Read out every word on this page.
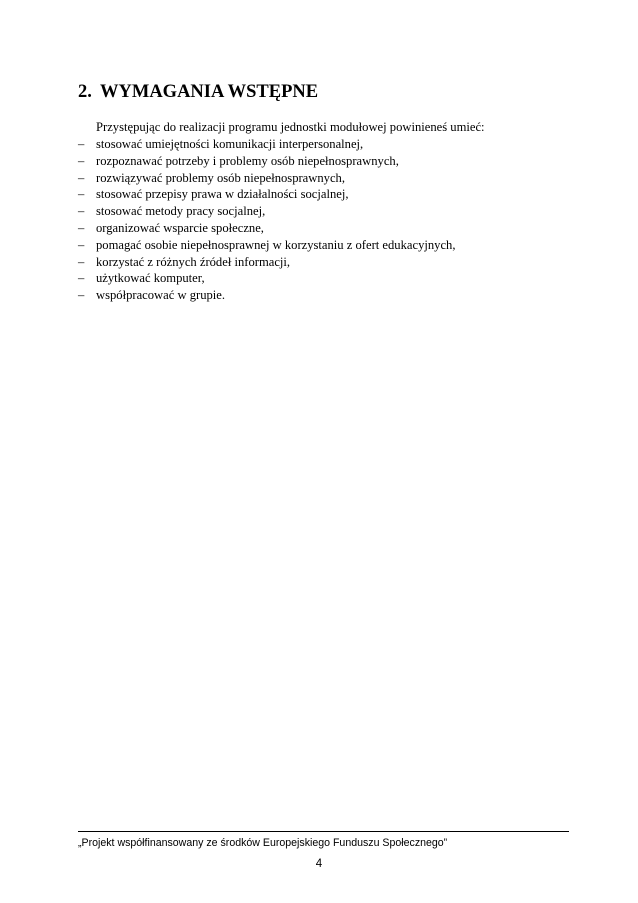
2. WYMAGANIA WSTĘPNE
Przystępując do realizacji programu jednostki modułowej powinieneś umieć:
– stosować umiejętności komunikacji interpersonalnej,
– rozpoznawać potrzeby i problemy osób niepełnosprawnych,
– rozwiązywać problemy osób niepełnosprawnych,
– stosować przepisy prawa w działalności socjalnej,
– stosować metody pracy socjalnej,
– organizować wsparcie społeczne,
– pomagać osobie niepełnosprawnej w korzystaniu z ofert edukacyjnych,
– korzystać z różnych źródeł informacji,
– użytkować komputer,
– współpracować w grupie.
„Projekt współfinansowany ze środków Europejskiego Funduszu Społecznego”
4
